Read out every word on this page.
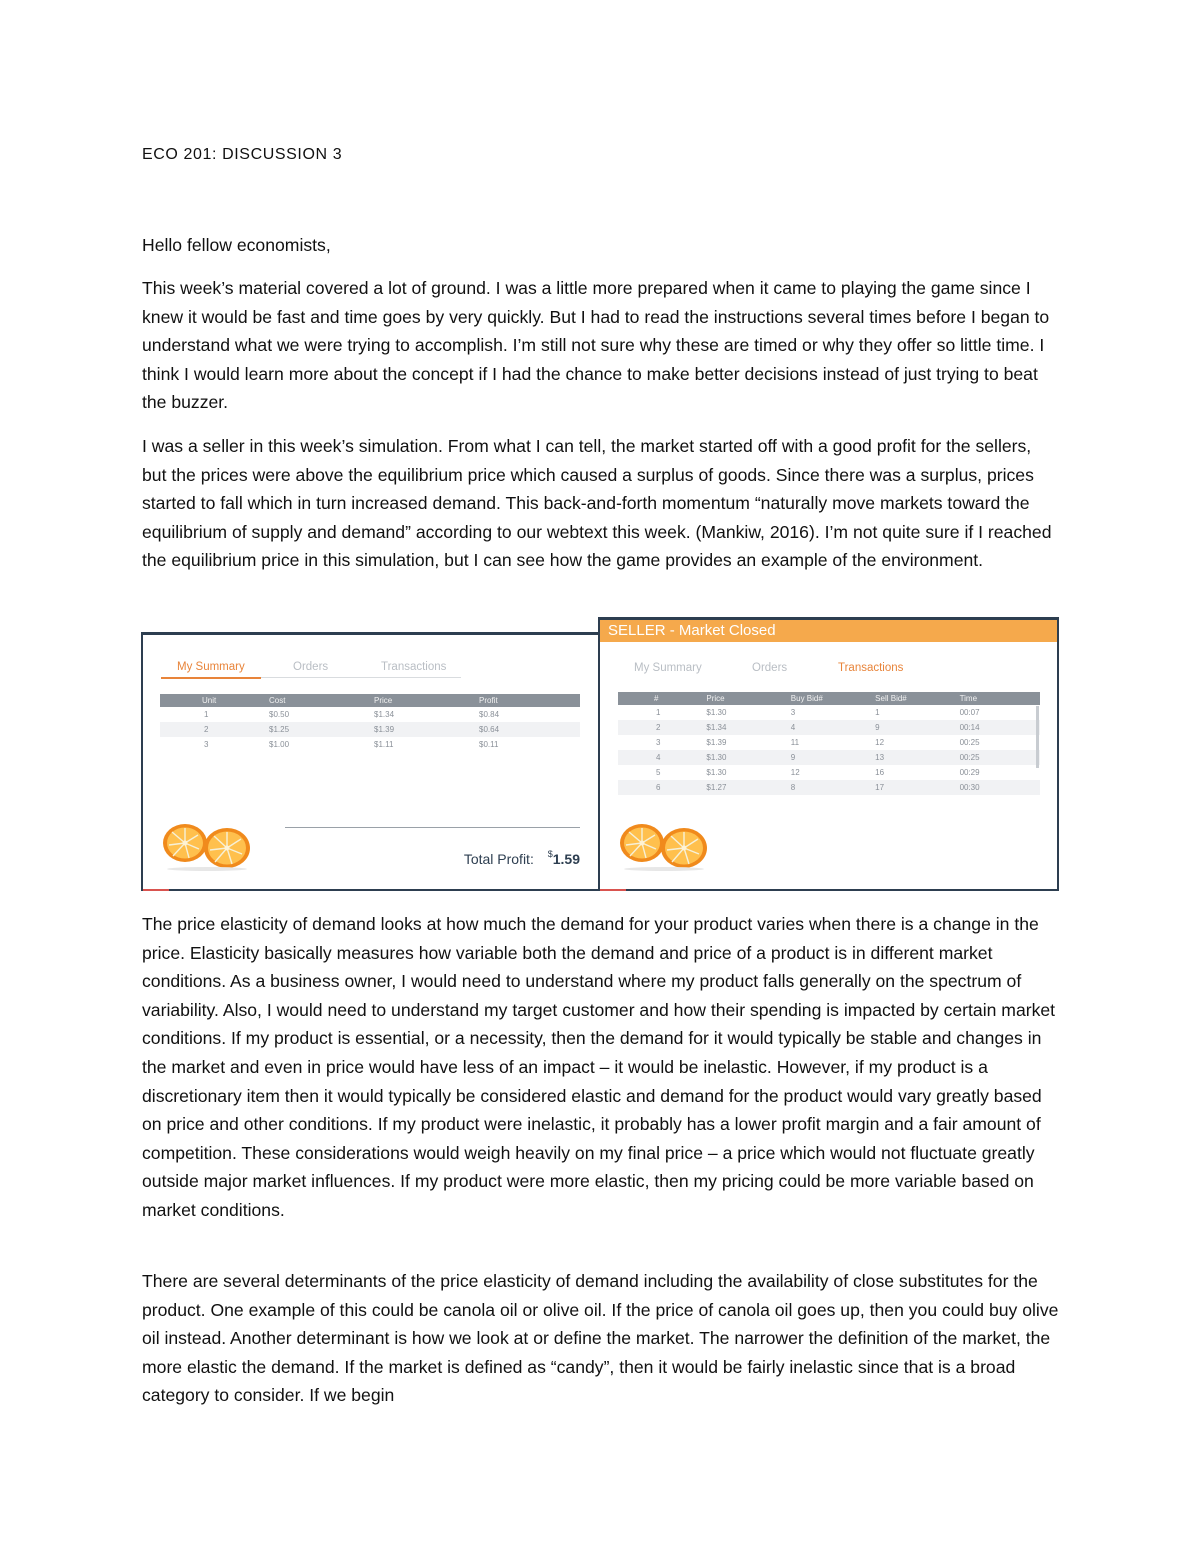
ECO 201: DISCUSSION 3

Hello fellow economists,

This week’s material covered a lot of ground. I was a little more prepared when it came to playing the game since I knew it would be fast and time goes by very quickly. But I had to read the instructions several times before I began to understand what we were trying to accomplish. I’m still not sure why these are timed or why they offer so little time. I think I would learn more about the concept if I had the chance to make better decisions instead of just trying to beat the buzzer.

I was a seller in this week’s simulation. From what I can tell, the market started off with a good profit for the sellers, but the prices were above the equilibrium price which caused a surplus of goods. Since there was a surplus, prices started to fall which in turn increased demand. This back-and-forth momentum “naturally move markets toward the equilibrium of supply and demand” according to our webtext this week. (Mankiw, 2016). I’m not quite sure if I reached the equilibrium price in this simulation, but I can see how the game provides an example of the environment.

My Summary	Orders	Transactions
Unit	Cost	Price	Profit
1	$0.50	$1.34	$0.84
2	$1.25	$1.39	$0.64
3	$1.00	$1.11	$0.11
Total Profit: $1.59
SELLER - Market Closed
My Summary	Orders	Transactions
#	Price	Buy Bid#	Sell Bid#	Time
1	$1.30	3	1	00:07
2	$1.34	4	9	00:14
3	$1.39	11	12	00:25
4	$1.30	9	13	00:25
5	$1.30	12	16	00:29
6	$1.27	8	17	00:30

The price elasticity of demand looks at how much the demand for your product varies when there is a change in the price. Elasticity basically measures how variable both the demand and price of a product is in different market conditions. As a business owner, I would need to understand where my product falls generally on the spectrum of variability. Also, I would need to understand my target customer and how their spending is impacted by certain market conditions. If my product is essential, or a necessity, then the demand for it would typically be stable and changes in the market and even in price would have less of an impact – it would be inelastic. However, if my product is a discretionary item then it would typically be considered elastic and demand for the product would vary greatly based on price and other conditions. If my product were inelastic, it probably has a lower profit margin and a fair amount of competition. These considerations would weigh heavily on my final price – a price which would not fluctuate greatly outside major market influences. If my product were more elastic, then my pricing could be more variable based on market conditions.

There are several determinants of the price elasticity of demand including the availability of close substitutes for the product. One example of this could be canola oil or olive oil. If the price of canola oil goes up, then you could buy olive oil instead. Another determinant is how we look at or define the market. The narrower the definition of the market, the more elastic the demand. If the market is defined as “candy”, then it would be fairly inelastic since that is a broad category to consider. If we begin
